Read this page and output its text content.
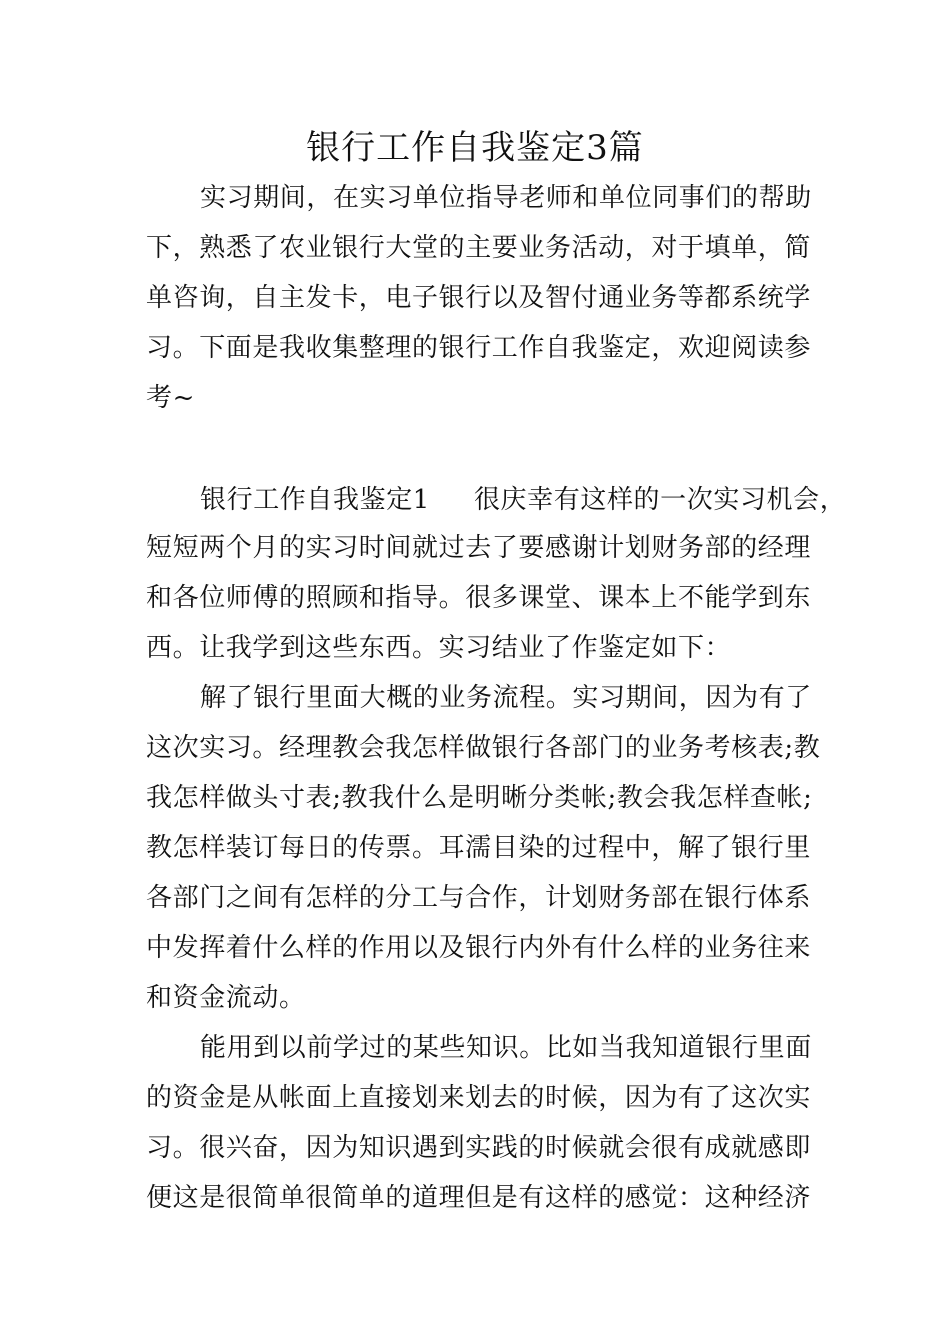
银行工作自我鉴定3篇
实习期间，在实习单位指导老师和单位同事们的帮助
下，熟悉了农业银行大堂的主要业务活动，对于填单，简
单咨询，自主发卡，电子银行以及智付通业务等都系统学
习。下面是我收集整理的银行工作自我鉴定，欢迎阅读参
考~
银行工作自我鉴定1 很庆幸有这样的一次实习机会，
短短两个月的实习时间就过去了要感谢计划财务部的经理
和各位师傅的照顾和指导。很多课堂、课本上不能学到东
西。让我学到这些东西。实习结业了作鉴定如下：
解了银行里面大概的业务流程。实习期间，因为有了
这次实习。经理教会我怎样做银行各部门的业务考核表;教
我怎样做头寸表;教我什么是明晰分类帐;教会我怎样查帐;
教怎样装订每日的传票。耳濡目染的过程中，解了银行里
各部门之间有怎样的分工与合作，计划财务部在银行体系
中发挥着什么样的作用以及银行内外有什么样的业务往来
和资金流动。
能用到以前学过的某些知识。比如当我知道银行里面
的资金是从帐面上直接划来划去的时候，因为有了这次实
习。很兴奋，因为知识遇到实践的时候就会很有成就感即
便这是很简单很简单的道理但是有这样的感觉：这种经济
